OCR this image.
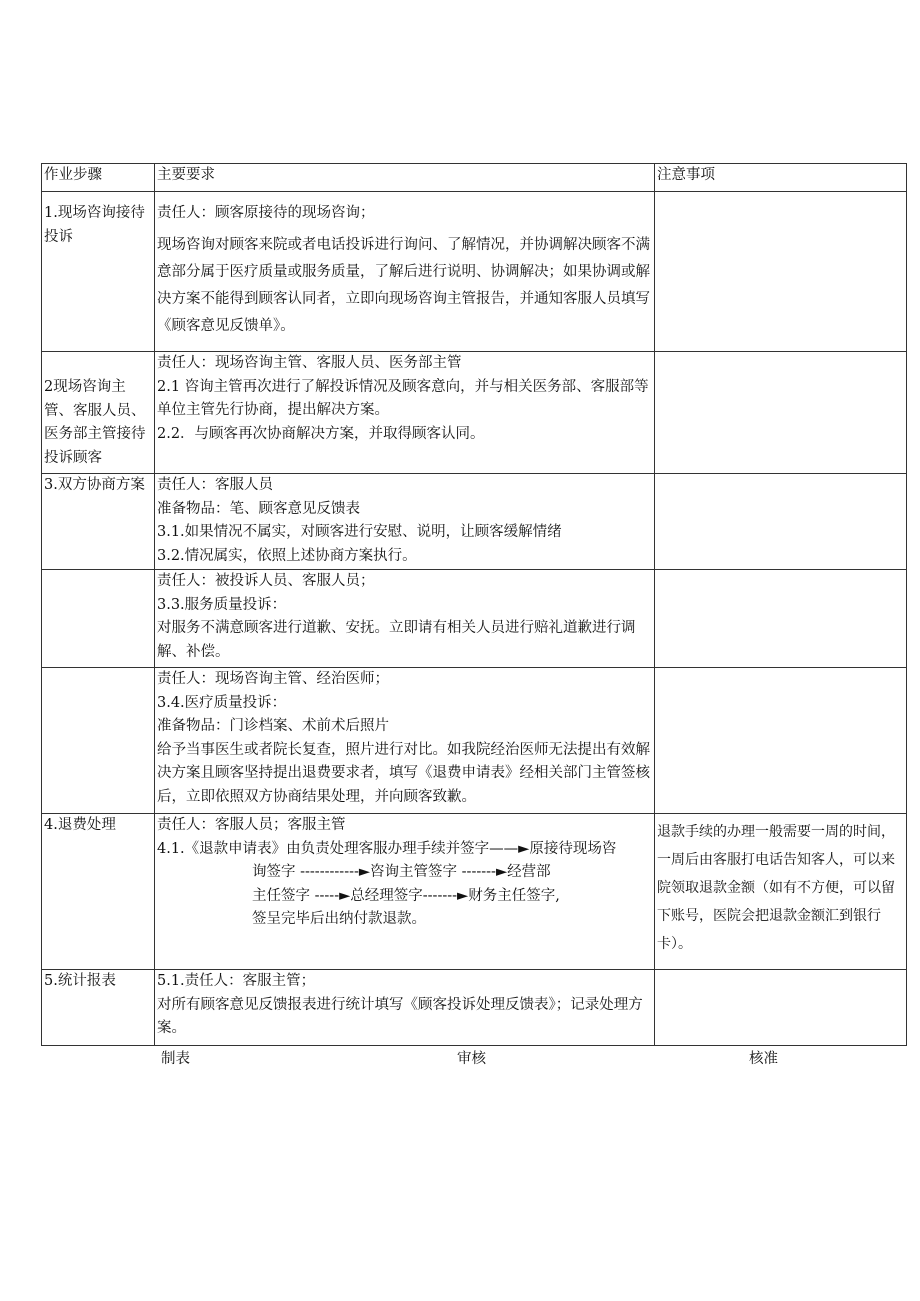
作业步骤	主要要求	注意事项
1.现场咨询接待投诉	责任人：顾客原接待的现场咨询；
现场咨询对顾客来院或者电话投诉进行询问、了解情况，并协调解决顾客不满意部分属于医疗质量或服务质量，了解后进行说明、协调解决；如果协调或解决方案不能得到顾客认同者，立即向现场咨询主管报告，并通知客服人员填写《顾客意见反馈单》。	

2现场咨询主管、客服人员、医务部主管接待投诉顾客	责任人：现场咨询主管、客服人员、医务部主管
2.1 咨询主管再次进行了解投诉情况及顾客意向，并与相关医务部、客服部等单位主管先行协商，提出解决方案。
2.2．与顾客再次协商解决方案，并取得顾客认同。	

3.双方协商方案	责任人：客服人员
准备物品：笔、顾客意见反馈表
3.1.如果情况不属实，对顾客进行安慰、说明，让顾客缓解情绪
3.2.情况属实，依照上述协商方案执行。	

	责任人：被投诉人员、客服人员；
3.3.服务质量投诉：
对服务不满意顾客进行道歉、安抚。立即请有相关人员进行赔礼道歉进行调解、补偿。	

	责任人：现场咨询主管、经治医师；
3.4.医疗质量投诉：
准备物品：门诊档案、术前术后照片
给予当事医生或者院长复查，照片进行对比。如我院经治医师无法提出有效解决方案且顾客坚持提出退费要求者，填写《退费申请表》经相关部门主管签核后，立即依照双方协商结果处理，并向顾客致歉。	

4.退费处理	责任人：客服人员；客服主管
4.1.《退款申请表》由负责处理客服办理手续并签字——►原接待现场咨
询签字 ------------►咨询主管签字 -------►经营部
主任签字 -----►总经理签字-------►财务主任签字,
签呈完毕后出纳付款退款。	退款手续的办理一般需要一周的时间，一周后由客服打电话告知客人，可以来院领取退款金额（如有不方便，可以留下账号，医院会把退款金额汇到银行卡）。
5.统计报表	5.1.责任人：客服主管；
对所有顾客意见反馈报表进行统计填写《顾客投诉处理反馈表》；记录处理方案。	

制表	审核	核准
